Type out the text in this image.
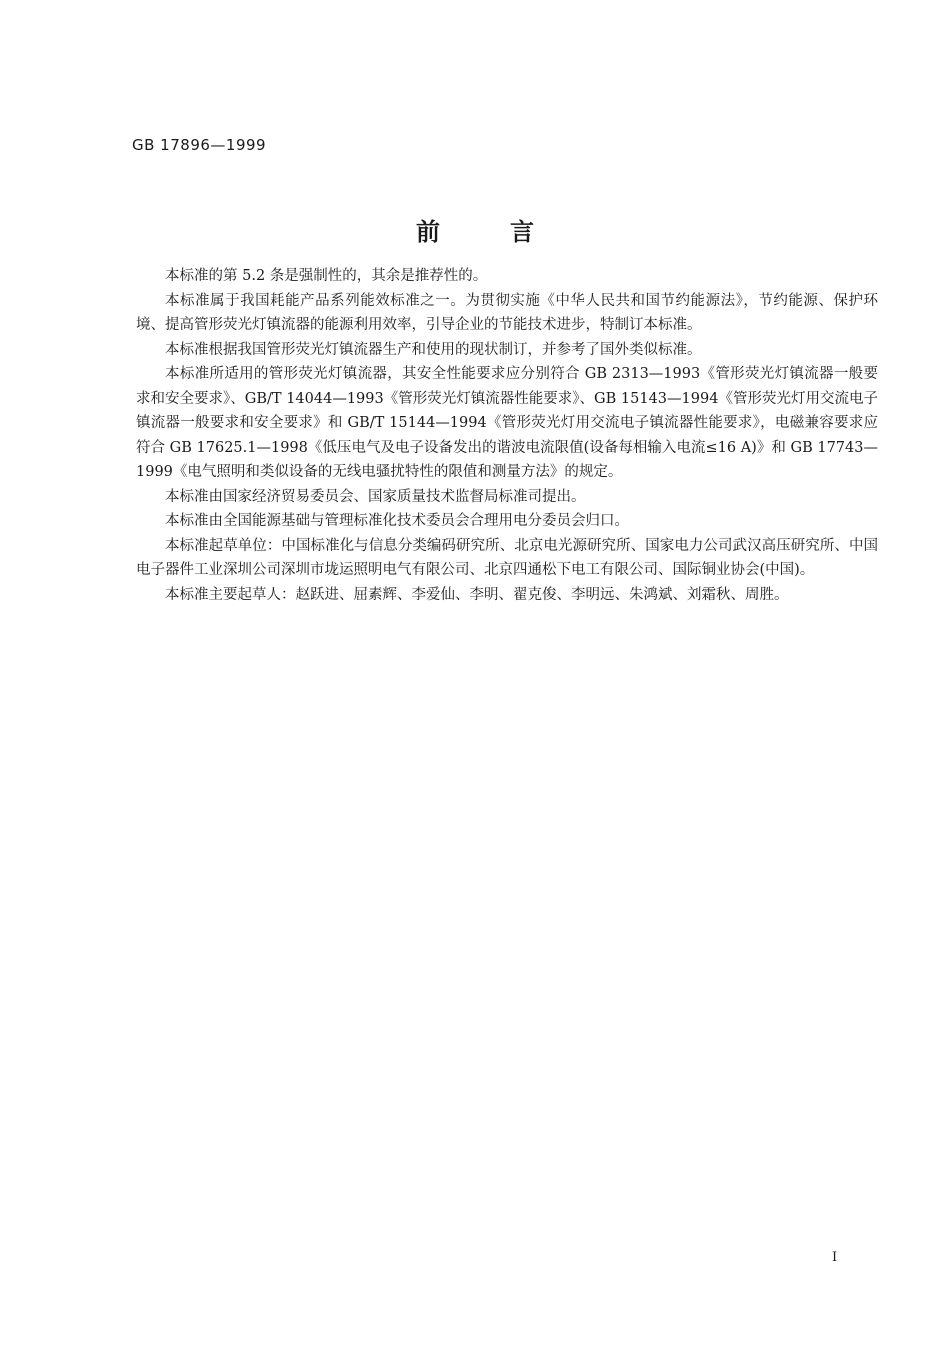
GB 17896—1999
前	言

本标准的第 5.2 条是强制性的，其余是推荐性的。

本标准属于我国耗能产品系列能效标准之一。为贯彻实施《中华人民共和国节约能源法》，节约能源、保护环境、提高管形荧光灯镇流器的能源利用效率，引导企业的节能技术进步，特制订本标准。

本标准根据我国管形荧光灯镇流器生产和使用的现状制订，并参考了国外类似标准。

本标准所适用的管形荧光灯镇流器，其安全性能要求应分别符合 GB 2313—1993《管形荧光灯镇流器一般要求和安全要求》、GB/T 14044—1993《管形荧光灯镇流器性能要求》、GB 15143—1994《管形荧光灯用交流电子镇流器一般要求和安全要求》和 GB/T 15144—1994《管形荧光灯用交流电子镇流器性能要求》，电磁兼容要求应符合 GB 17625.1—1998《低压电气及电子设备发出的谐波电流限值(设备每相输入电流≤16 A)》和 GB 17743—1999《电气照明和类似设备的无线电骚扰特性的限值和测量方法》的规定。

本标准由国家经济贸易委员会、国家质量技术监督局标准司提出。

本标准由全国能源基础与管理标准化技术委员会合理用电分委员会归口。

本标准起草单位：中国标准化与信息分类编码研究所、北京电光源研究所、国家电力公司武汉高压研究所、中国电子器件工业深圳公司深圳市垅运照明电气有限公司、北京四通松下电工有限公司、国际铜业协会(中国)。

本标准主要起草人：赵跃进、屈素辉、李爱仙、李明、翟克俊、李明远、朱鸿斌、刘霜秋、周胜。

I
